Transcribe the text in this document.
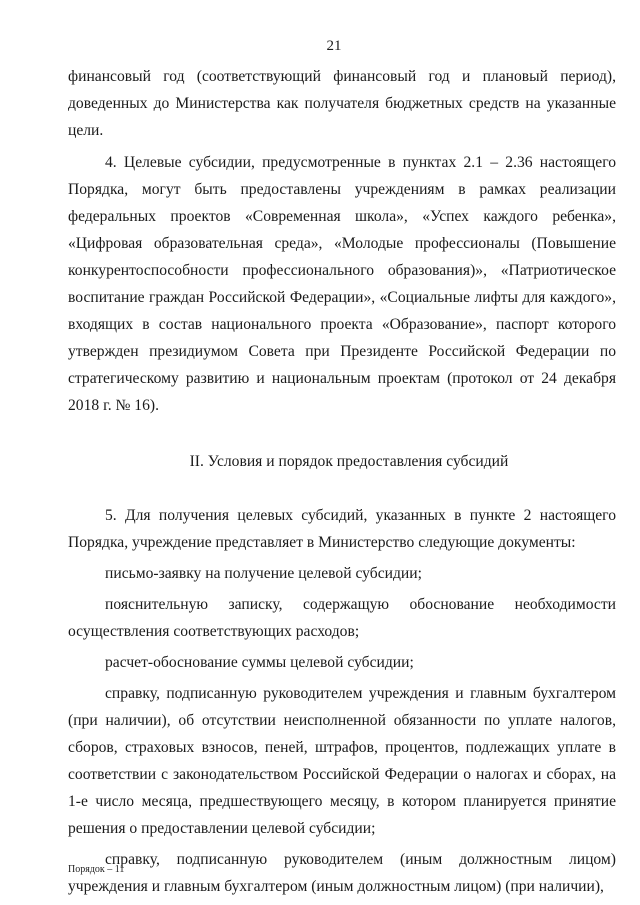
21

финансовый год (соответствующий финансовый год и плановый период), доведенных до Министерства как получателя бюджетных средств на указанные цели.

4. Целевые субсидии, предусмотренные в пунктах 2.1 – 2.36 настоящего Порядка, могут быть предоставлены учреждениям в рамках реализации федеральных проектов «Современная школа», «Успех каждого ребенка», «Цифровая образовательная среда», «Молодые профессионалы (Повышение конкурентоспособности профессионального образования)», «Патриотическое воспитание граждан Российской Федерации», «Социальные лифты для каждого», входящих в состав национального проекта «Образование», паспорт которого утвержден президиумом Совета при Президенте Российской Федерации по стратегическому развитию и национальным проектам (протокол от 24 декабря 2018 г. № 16).

II. Условия и порядок предоставления субсидий

5. Для получения целевых субсидий, указанных в пункте 2 настоящего Порядка, учреждение представляет в Министерство следующие документы:

письмо-заявку на получение целевой субсидии;

пояснительную записку, содержащую обоснование необходимости осуществления соответствующих расходов;

расчет-обоснование суммы целевой субсидии;

справку, подписанную руководителем учреждения и главным бухгалтером (при наличии), об отсутствии неисполненной обязанности по уплате налогов, сборов, страховых взносов, пеней, штрафов, процентов, подлежащих уплате в соответствии с законодательством Российской Федерации о налогах и сборах, на 1-е число месяца, предшествующего месяцу, в котором планируется принятие решения о предоставлении целевой субсидии;

справку, подписанную руководителем (иным должностным лицом) учреждения и главным бухгалтером (иным должностным лицом) (при наличии),

Порядок – 11
